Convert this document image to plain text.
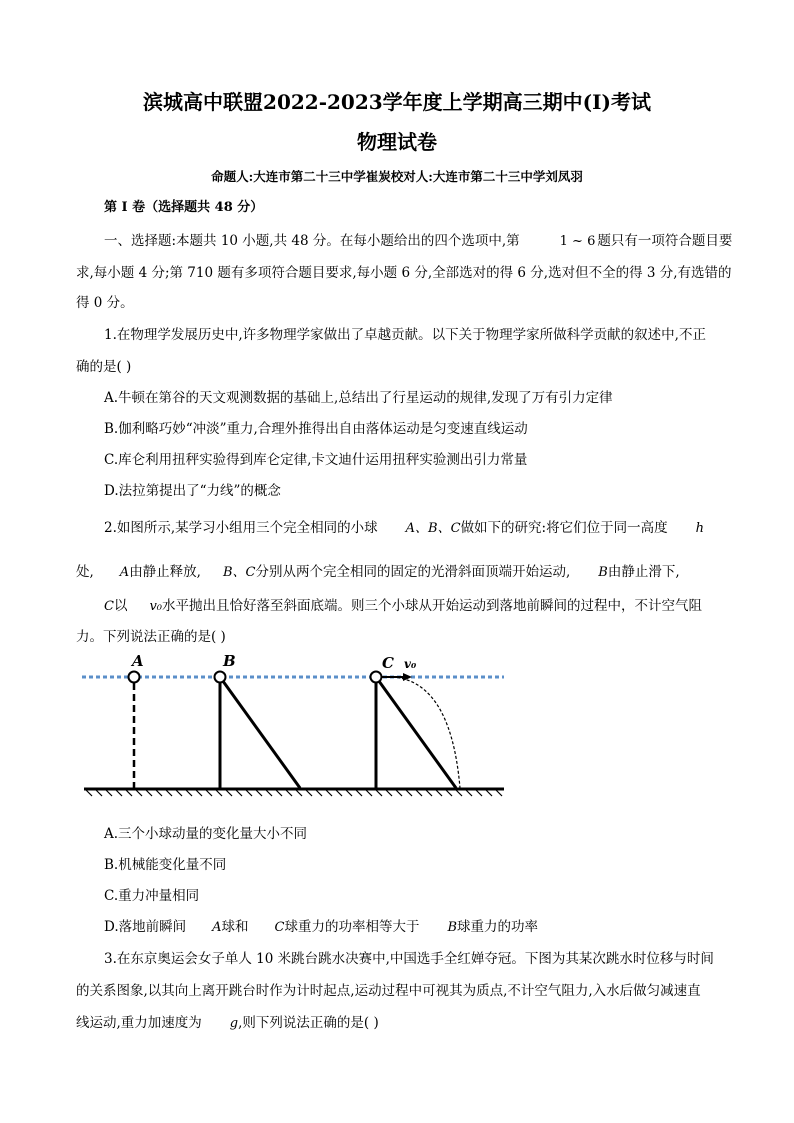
滨城高中联盟2022-2023学年度上学期高三期中(I)考试
物理试卷
命题人:大连市第二十三中学崔炭校对人:大连市第二十三中学刘凤羽
第 I 卷（选择题共 48 分）
一、选择题:本题共 10 小题,共 48 分。在每小题给出的四个选项中,第	1 ~ 6 题只有一项符合题目要
求,每小题 4 分;第 710 题有多项符合题目要求,每小题 6 分,全部选对的得 6 分,选对但不全的得 3 分,有选错的
得 0 分。
1.在物理学发展历史中,许多物理学家做出了卓越贡献。以下关于物理学家所做科学贡献的叙述中,不正
确的是( )
A.牛顿在第谷的天文观测数据的基础上,总结出了行星运动的规律,发现了万有引力定律
B.伽利略巧妙“冲淡”重力,合理外推得出自由落体运动是匀变速直线运动
C.库仑利用扭秤实验得到库仑定律,卡文迪什运用扭秤实验测出引力常量
D.法拉第提出了“力线”的概念
2.如图所示,某学习小组用三个完全相同的小球 A、B、C做如下的研究:将它们位于同一高度 h
处, A由静止释放, B、C分别从两个完全相同的固定的光滑斜面顶端开始运动, B由静止滑下,
C以 v₀水平抛出且恰好落至斜面底端。则三个小球从开始运动到落地前瞬间的过程中，不计空气阻
力。下列说法正确的是( )
A	B	C v₀
A.三个小球动量的变化量大小不同
B.机械能变化量不同
C.重力冲量相同
D.落地前瞬间 A球和 C球重力的功率相等大于 B球重力的功率
3.在东京奥运会女子单人 10 米跳台跳水决赛中,中国选手全红婵夺冠。下图为其某次跳水时位移与时间
的关系图象,以其向上离开跳台时作为计时起点,运动过程中可视其为质点,不计空气阻力,入水后做匀减速直
线运动,重力加速度为 g,则下列说法正确的是( )
